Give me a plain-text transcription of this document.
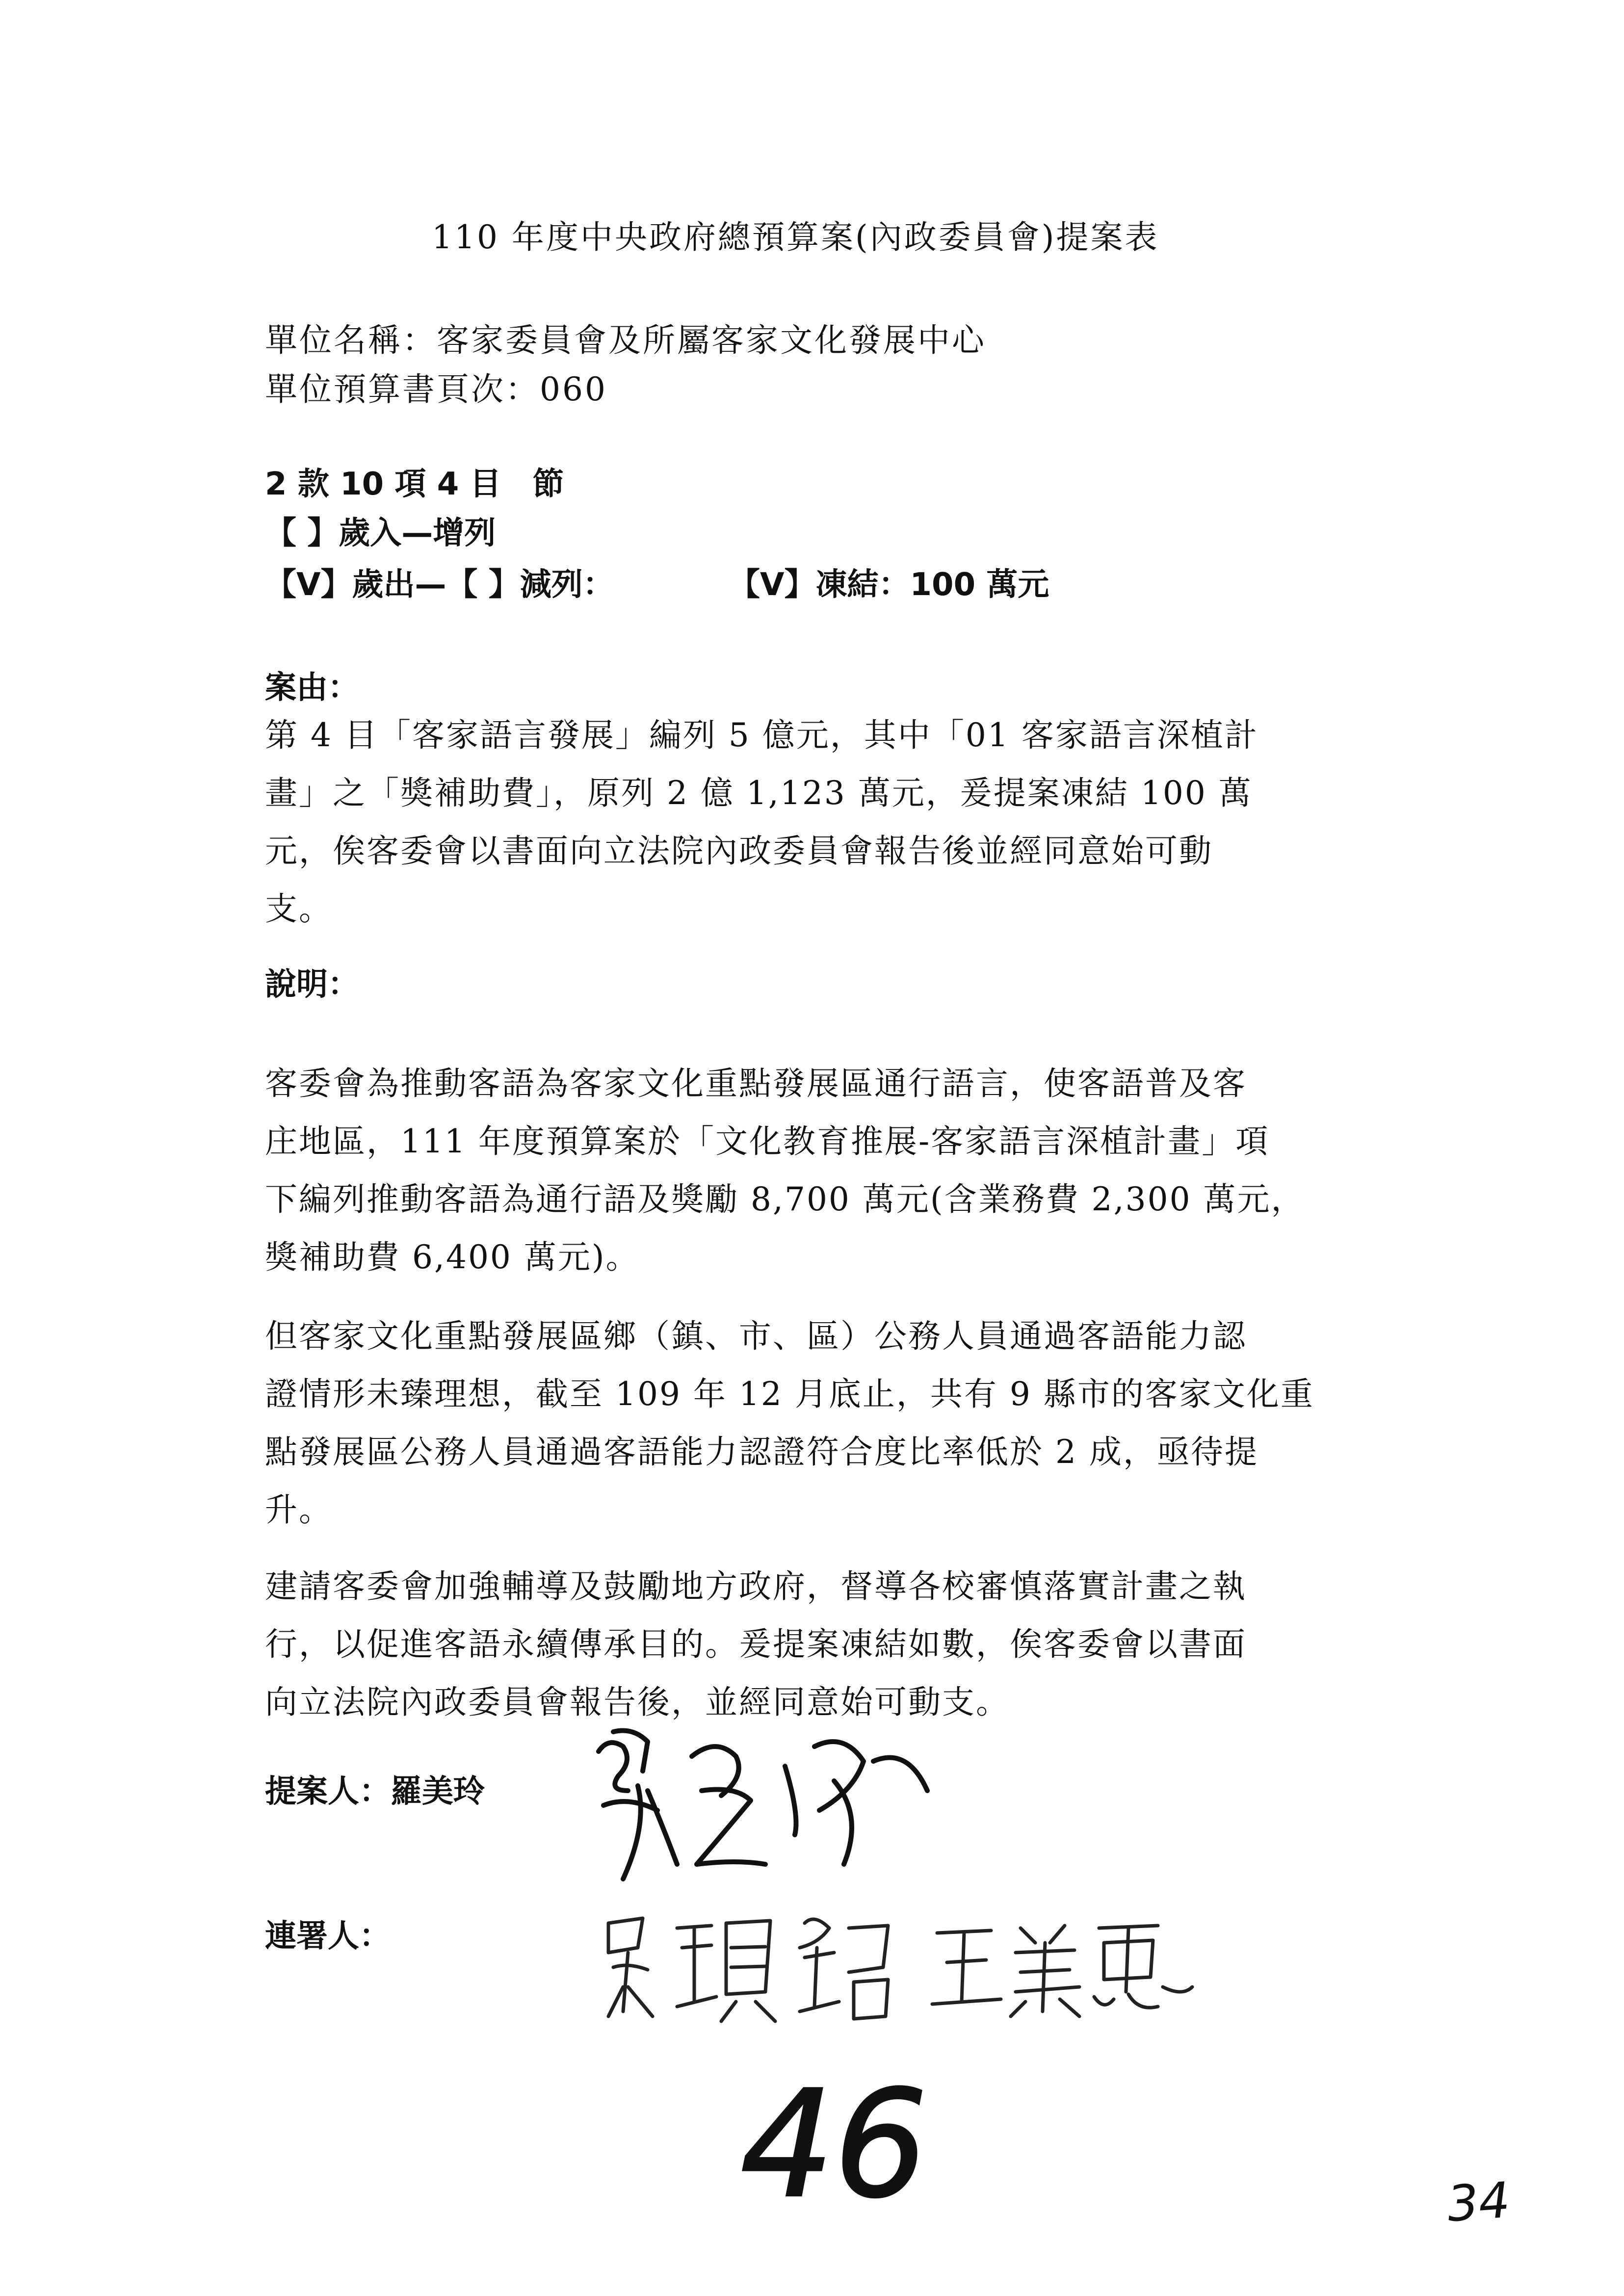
110 年度中央政府總預算案(內政委員會)提案表
單位名稱：客家委員會及所屬客家文化發展中心
單位預算書頁次：060
2 款 10 項 4 目　節
【 】歲入—增列
【V】歲出—【 】減列：	【V】凍結：100 萬元
案由：
第 4 目「客家語言發展」編列 5 億元，其中「01 客家語言深植計
畫」之「獎補助費」，原列 2 億 1,123 萬元，爰提案凍結 100 萬
元，俟客委會以書面向立法院內政委員會報告後並經同意始可動
支。
說明：
客委會為推動客語為客家文化重點發展區通行語言，使客語普及客
庄地區，111 年度預算案於「文化教育推展-客家語言深植計畫」項
下編列推動客語為通行語及獎勵 8,700 萬元(含業務費 2,300 萬元，
獎補助費 6,400 萬元)。
但客家文化重點發展區鄉（鎮、市、區）公務人員通過客語能力認
證情形未臻理想，截至 109 年 12 月底止，共有 9 縣市的客家文化重
點發展區公務人員通過客語能力認證符合度比率低於 2 成，亟待提
升。
建請客委會加強輔導及鼓勵地方政府，督導各校審慎落實計畫之執
行，以促進客語永續傳承目的。爰提案凍結如數，俟客委會以書面
向立法院內政委員會報告後，並經同意始可動支。
提案人：羅美玲
連署人：
46	34
